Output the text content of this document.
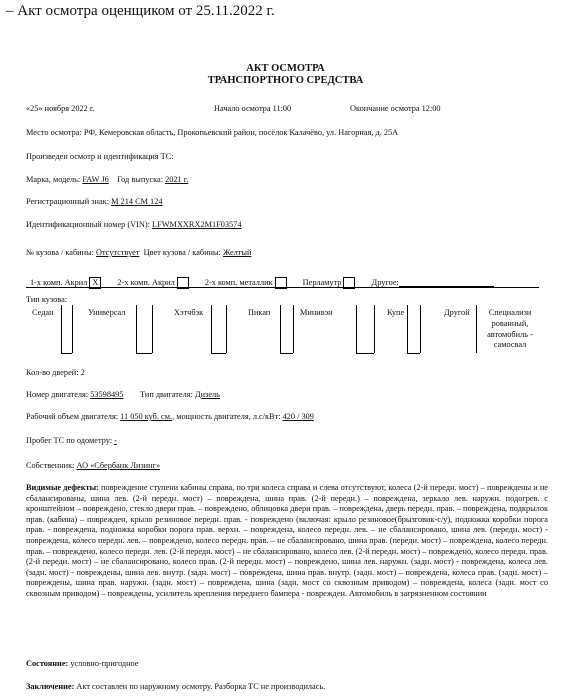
– Акт осмотра оценщиком от 25.11.2022 г.
АКТ ОСМОТРА
ТРАНСПОРТНОГО СРЕДСТВА
«25» ноября 2022 г.	Начало осмотра 11:00	Окончание осмотра 12:00
Место осмотра: РФ, Кемеровская область, Прокопьевский район, посёлок Калачёво, ул. Нагорная, д. 25А
Произведен осмотр и идентификация ТС:
Марка, модель: FAW J6 Год выпуска: 2021 г.
Регистрационный знак: М 214 СМ 124
Идентификационный номер (VIN): LFWMXXRX2M1F03574
№ кузова / кабины: Отсутствует Цвет кузова / кабины: Желтый
1-х комп. Акрил X 2-х комп. Акрил	2-х комп. металлик	Перламутр	Другое:
Тип кузова:
Седан	Универсал	Хэтчбэк	Пикап	Минивэн	Купе	Другой	Специализи
рованный,
автомобиль -
самосвал
Кол-во дверей: 2
Номер двигателя: 53598495 Тип двигателя: Дизель
Рабочий объем двигателя: 11 050 куб. см., мощность двигателя, л.с/кВт: 420 / 309
Пробег ТС по одометру: -
Собственник: АО «Сбербанк Лизинг»
Видимые дефекты: повреждение ступени кабины справа, по три колеса справа и слева отсутствуют, колеса (2-й передн. мост) – повреждены и не сбалансированы, шина лев. (2-й передн. мост) – повреждена, шина прав. (2-й передн.) – повреждена, зеркало лев. наружн. подогрев. с кронштейном – повреждено, стекло двери прав. – повреждено, облицовка двери прав. – повреждена, дверь передн. прав. – повреждена, подкрылок прав. (кабина) – поврежден, крыло резиновое передн. прав. - повреждено (включая: крыло резиновое(брызговик-с/у), подножка коробки порога прав. - повреждена, подножка коробки порога прав. верхн. – повреждена, колесо передн. лев. – не сбалансировано, шина лев. (передн. мост) - повреждена, колесо передн. лев. – повреждено, колесо передн. прав. – не сбалансировано, шина прав. (передн. мост) – повреждена, колесо передн. прав. – повреждено, колесо передн. лев. (2-й передн. мост) – не сбалансировано, колесо лев. (2-й передн. мост) – повреждено, колесо передн. прав. (2-й передн. мост) – не сбалансировано, колесо прав. (2-й передн. мост) – повреждено, шина лев. наружн. (задн. мост) - повреждена, колеса лев. (задн. мост) - повреждены, шина лев. внутр. (задн. мост) – повреждена, шина прав. внутр. (задн. мост) – повреждена, колеса прав. (задн. мост) – повреждены, шина прав. наружн. (задн. мост) – повреждена, шина (задн. мост со сквозным приводом) – повреждена, колеса (задн. мост со сквозным приводом) – повреждены, усилитель крепления переднего бампера - поврежден. Автомобиль в загрязненном состоянии
Состояние: условно-пригодное
Заключение: Акт составлен по наружному осмотру. Разборка ТС не производилась.
